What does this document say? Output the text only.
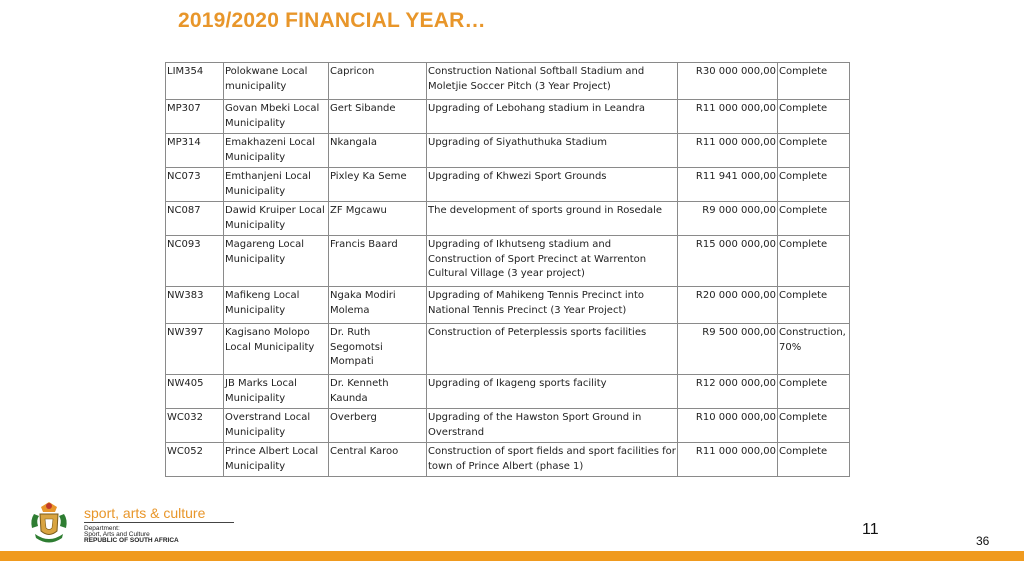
2019/2020 FINANCIAL YEAR…
LIM354	Polokwane Local municipality	Capricon	Construction National Softball Stadium and Moletjie Soccer Pitch (3 Year Project)	R30 000 000,00	Complete
MP307	Govan Mbeki Local Municipality	Gert Sibande	Upgrading of Lebohang stadium in Leandra	R11 000 000,00	Complete
MP314	Emakhazeni Local Municipality	Nkangala	Upgrading of Siyathuthuka Stadium	R11 000 000,00	Complete
NC073	Emthanjeni Local Municipality	Pixley Ka Seme	Upgrading of Khwezi Sport Grounds	R11 941 000,00	Complete
NC087	Dawid Kruiper Local Municipality	ZF Mgcawu	The development of sports ground in Rosedale	R9 000 000,00	Complete
NC093	Magareng Local Municipality	Francis Baard	Upgrading of Ikhutseng stadium and Construction of Sport Precinct at Warrenton Cultural Village (3 year project)	R15 000 000,00	Complete
NW383	Mafikeng Local Municipality	Ngaka Modiri Molema	Upgrading of Mahikeng Tennis Precinct into National Tennis Precinct (3 Year Project)	R20 000 000,00	Complete
NW397	Kagisano Molopo Local Municipality	Dr. Ruth Segomotsi Mompati	Construction of Peterplessis sports facilities	R9 500 000,00	Construction,70%
NW405	JB Marks Local Municipality	Dr. Kenneth Kaunda	Upgrading of Ikageng sports facility	R12 000 000,00	Complete
WC032	Overstrand Local Municipality	Overberg	Upgrading of the Hawston Sport Ground in Overstrand	R10 000 000,00	Complete
WC052	Prince Albert Local Municipality	Central Karoo	Construction of sport fields and sport facilities for town of Prince Albert (phase 1)	R11 000 000,00	Complete
sport, arts & culture
Department:
Sport, Arts and Culture
REPUBLIC OF SOUTH AFRICA
11
36
